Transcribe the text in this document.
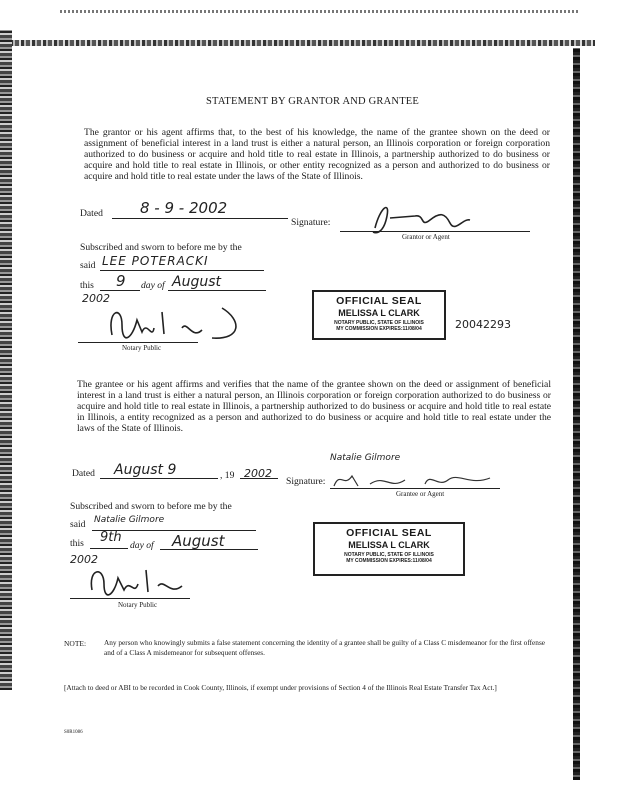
STATEMENT BY GRANTOR AND GRANTEE
The grantor or his agent affirms that, to the best of his knowledge, the name of the grantee shown on the deed or assignment of beneficial interest in a land trust is either a natural person, an Illinois corporation or foreign corporation authorized to do business or acquire and hold title to real estate in Illinois, a partnership authorized to do business or acquire and hold title to real estate in Illinois, or other entity recognized as a person and authorized to do business or acquire and hold title to real estate under the laws of the State of Illinois.
Dated 8 - 9 - 2002
Signature:
Grantor or Agent
Subscribed and sworn to before me by the
said LEE POTERACKI
this 9 day of August
2002
Notary Public
OFFICIAL SEAL
MELISSA L CLARK
NOTARY PUBLIC, STATE OF ILLINOIS
MY COMMISSION EXPIRES:11/08/04	20042293
The grantee or his agent affirms and verifies that the name of the grantee shown on the deed or assignment of beneficial interest in a land trust is either a natural person, an Illinois corporation or foreign corporation authorized to do business or acquire and hold title to real estate in Illinois, a partnership authorized to do business or acquire and hold title to real estate in Illinois, a entity recognized as a person and authorized to do business or acquire and hold title to real estate under the laws of the State of Illinois.
Natalie Gilmore
Dated August 9	, 19 2002
Signature:
Grantee or Agent
Subscribed and sworn to before me by the
said Natalie Gilmore
this 9th
day of August
2002
Notary Public
OFFICIAL SEAL
MELISSA L CLARK
NOTARY PUBLIC, STATE OF ILLINOIS
MY COMMISSION EXPIRES:11/08/04
NOTE: Any person who knowingly submits a false statement concerning the identity of a grantee shall be guilty of a Class C misdemeanor for the first offense and of a Class A misdemeanor for subsequent offenses.
[Attach to deed or ABI to be recorded in Cook County, Illinois, if exempt under provisions of Section 4 of the Illinois Real Estate Transfer Tax Act.]
S0R1086
